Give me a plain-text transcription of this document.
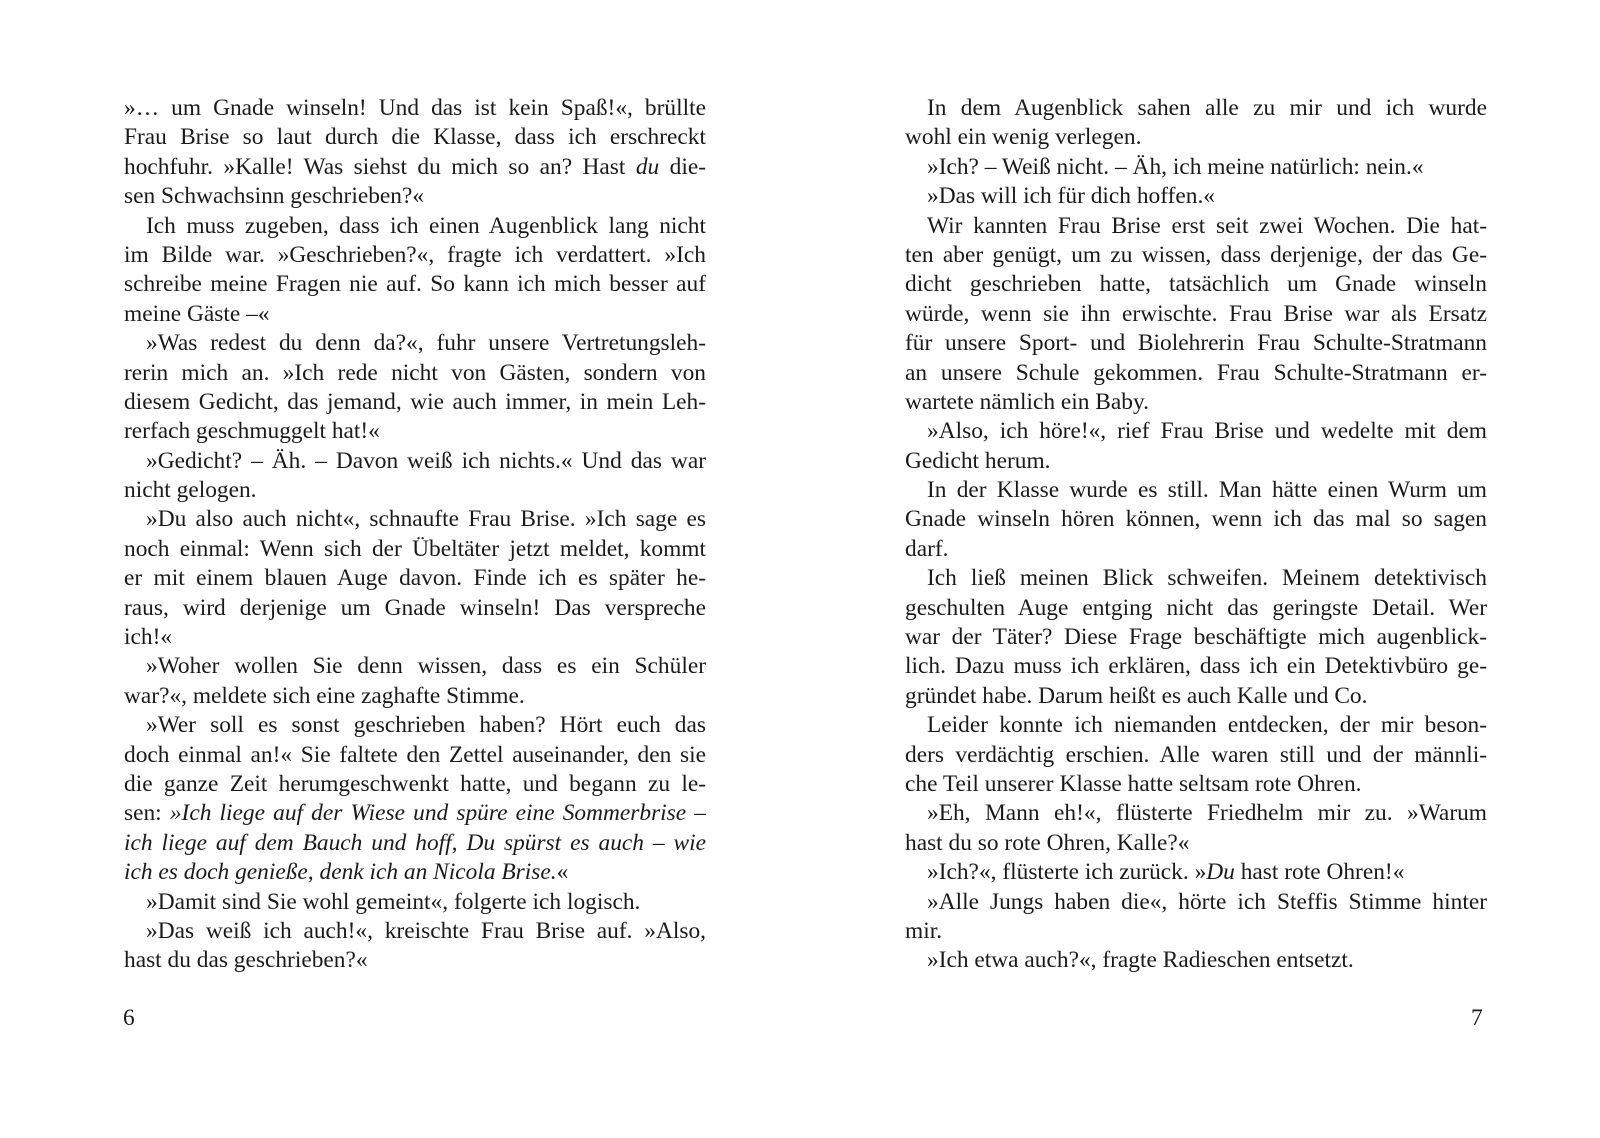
»… um Gnade winseln! Und das ist kein Spaß!«, brüllte
Frau Brise so laut durch die Klasse, dass ich erschreckt
hochfuhr. »Kalle! Was siehst du mich so an? Hast du die-
sen Schwachsinn geschrieben?«
Ich muss zugeben, dass ich einen Augenblick lang nicht
im Bilde war. »Geschrieben?«, fragte ich verdattert. »Ich
schreibe meine Fragen nie auf. So kann ich mich besser auf
meine Gäste –«
»Was redest du denn da?«, fuhr unsere Vertretungsleh-
rerin mich an. »Ich rede nicht von Gästen, sondern von
diesem Gedicht, das jemand, wie auch immer, in mein Leh-
rerfach geschmuggelt hat!«
»Gedicht? – Äh. – Davon weiß ich nichts.« Und das war
nicht gelogen.
»Du also auch nicht«, schnaufte Frau Brise. »Ich sage es
noch einmal: Wenn sich der Übeltäter jetzt meldet, kommt
er mit einem blauen Auge davon. Finde ich es später he-
raus, wird derjenige um Gnade winseln! Das verspreche
ich!«
»Woher wollen Sie denn wissen, dass es ein Schüler
war?«, meldete sich eine zaghafte Stimme.
»Wer soll es sonst geschrieben haben? Hört euch das
doch einmal an!« Sie faltete den Zettel auseinander, den sie
die ganze Zeit herumgeschwenkt hatte, und begann zu le-
sen: »Ich liege auf der Wiese und spüre eine Sommerbrise –
ich liege auf dem Bauch und hoff, Du spürst es auch – wie
ich es doch genieße, denk ich an Nicola Brise.«
»Damit sind Sie wohl gemeint«, folgerte ich logisch.
»Das weiß ich auch!«, kreischte Frau Brise auf. »Also,
hast du das geschrieben?«
In dem Augenblick sahen alle zu mir und ich wurde
wohl ein wenig verlegen.
»Ich? – Weiß nicht. – Äh, ich meine natürlich: nein.«
»Das will ich für dich hoffen.«
Wir kannten Frau Brise erst seit zwei Wochen. Die hat-
ten aber genügt, um zu wissen, dass derjenige, der das Ge-
dicht geschrieben hatte, tatsächlich um Gnade winseln
würde, wenn sie ihn erwischte. Frau Brise war als Ersatz
für unsere Sport- und Biolehrerin Frau Schulte-Stratmann
an unsere Schule gekommen. Frau Schulte-Stratmann er-
wartete nämlich ein Baby.
»Also, ich höre!«, rief Frau Brise und wedelte mit dem
Gedicht herum.
In der Klasse wurde es still. Man hätte einen Wurm um
Gnade winseln hören können, wenn ich das mal so sagen
darf.
Ich ließ meinen Blick schweifen. Meinem detektivisch
geschulten Auge entging nicht das geringste Detail. Wer
war der Täter? Diese Frage beschäftigte mich augenblick-
lich. Dazu muss ich erklären, dass ich ein Detektivbüro ge-
gründet habe. Darum heißt es auch Kalle und Co.
Leider konnte ich niemanden entdecken, der mir beson-
ders verdächtig erschien. Alle waren still und der männli-
che Teil unserer Klasse hatte seltsam rote Ohren.
»Eh, Mann eh!«, flüsterte Friedhelm mir zu. »Warum
hast du so rote Ohren, Kalle?«
»Ich?«, flüsterte ich zurück. »Du hast rote Ohren!«
»Alle Jungs haben die«, hörte ich Steffis Stimme hinter
mir.
»Ich etwa auch?«, fragte Radieschen entsetzt.
6	7
